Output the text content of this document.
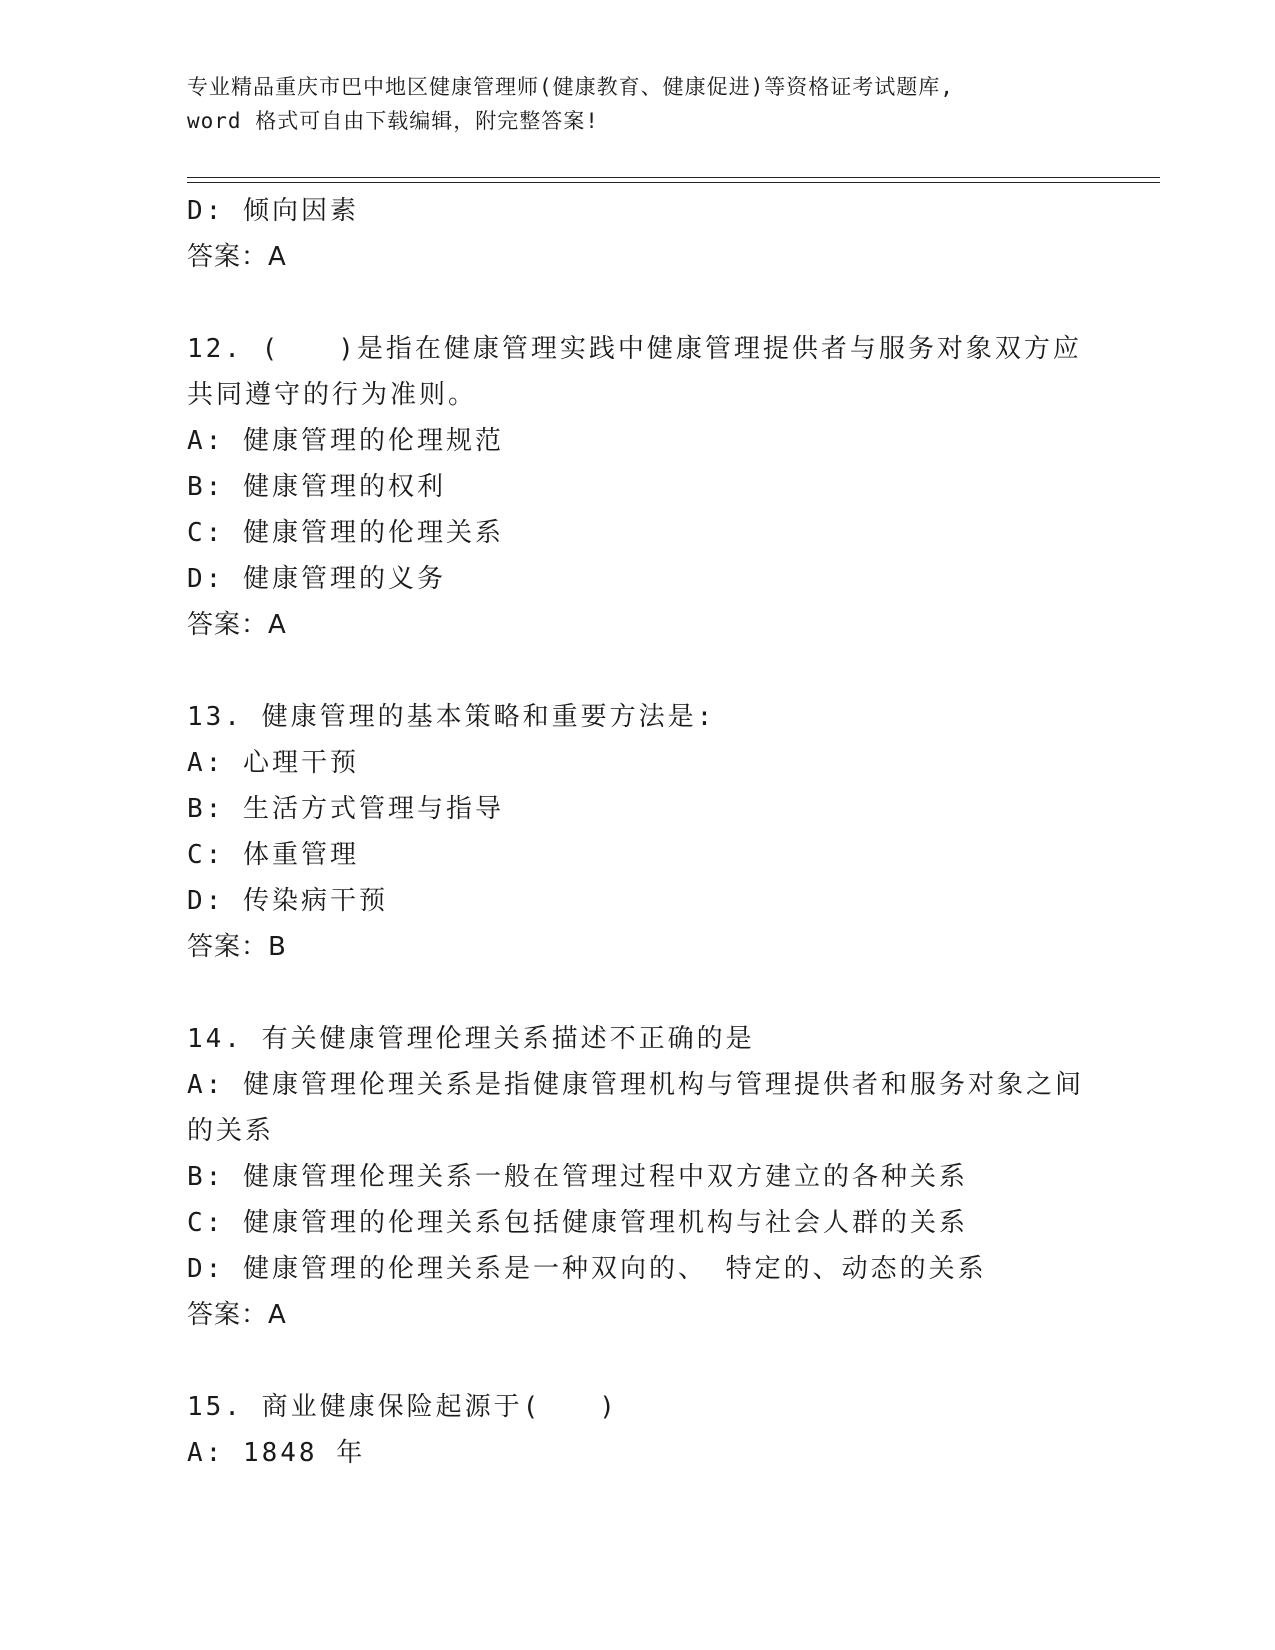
专业精品重庆市巴中地区健康管理师(健康教育、健康促进)等资格证考试题库,
word 格式可自由下载编辑，附完整答案!
D: 倾向因素
答案：A
12. (　　)是指在健康管理实践中健康管理提供者与服务对象双方应
共同遵守的行为准则。
A: 健康管理的伦理规范
B: 健康管理的权利
C: 健康管理的伦理关系
D: 健康管理的义务
答案：A
13. 健康管理的基本策略和重要方法是:
A: 心理干预
B: 生活方式管理与指导
C: 体重管理
D: 传染病干预
答案：B
14. 有关健康管理伦理关系描述不正确的是
A: 健康管理伦理关系是指健康管理机构与管理提供者和服务对象之间
的关系
B: 健康管理伦理关系一般在管理过程中双方建立的各种关系
C: 健康管理的伦理关系包括健康管理机构与社会人群的关系
D: 健康管理的伦理关系是一种双向的、 特定的、动态的关系
答案：A
15. 商业健康保险起源于(　　)
A: 1848 年
